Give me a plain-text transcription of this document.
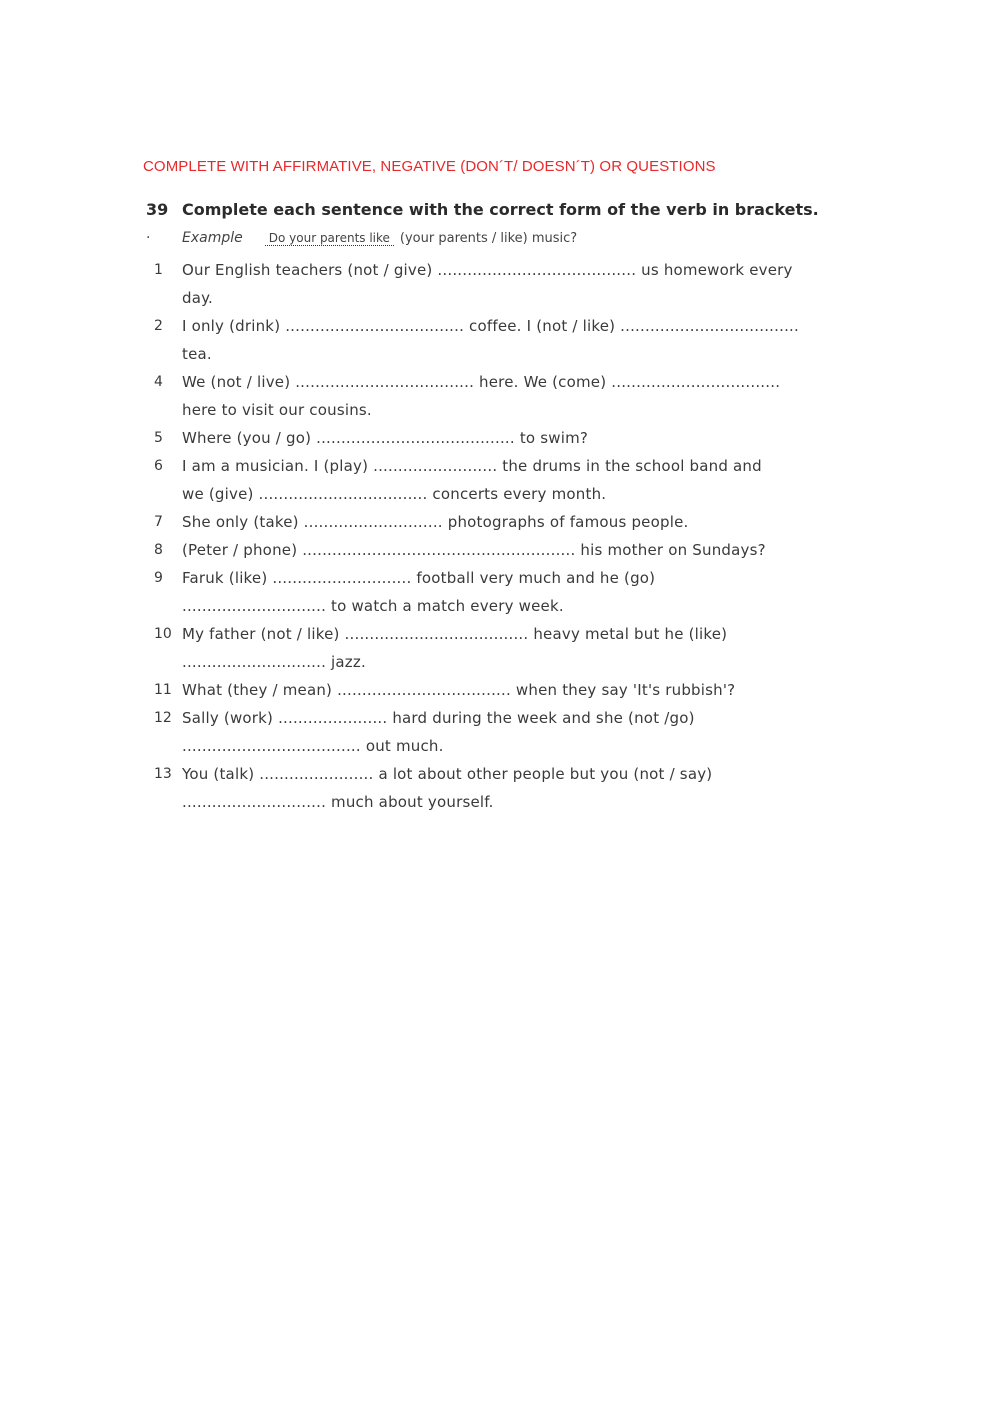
COMPLETE WITH AFFIRMATIVE, NEGATIVE (DON´T/ DOESN´T) OR QUESTIONS
39 Complete each sentence with the correct form of the verb in brackets.
·	Example	Do your parents like (your parents / like) music?
1	Our English teachers (not / give) ........................................ us homework every
day.
2	I only (drink) .................................... coffee. I (not / like) ....................................
tea.
4	We (not / live) .................................... here. We (come) ..................................
here to visit our cousins.
5	Where (you / go) ........................................ to swim?
6	I am a musician. I (play) ......................... the drums in the school band and
we (give) .................................. concerts every month.
7	She only (take) ............................ photographs of famous people.
8	(Peter / phone) ....................................................... his mother on Sundays?
9	Faruk (like) ............................ football very much and he (go)
............................. to watch a match every week.
10 My father (not / like) ..................................... heavy metal but he (like)
............................. jazz.
11 What (they / mean) ................................... when they say 'It's rubbish'?
12 Sally (work) ...................... hard during the week and she (not /go)
.................................... out much.
13 You (talk) ....................... a lot about other people but you (not / say)
............................. much about yourself.
